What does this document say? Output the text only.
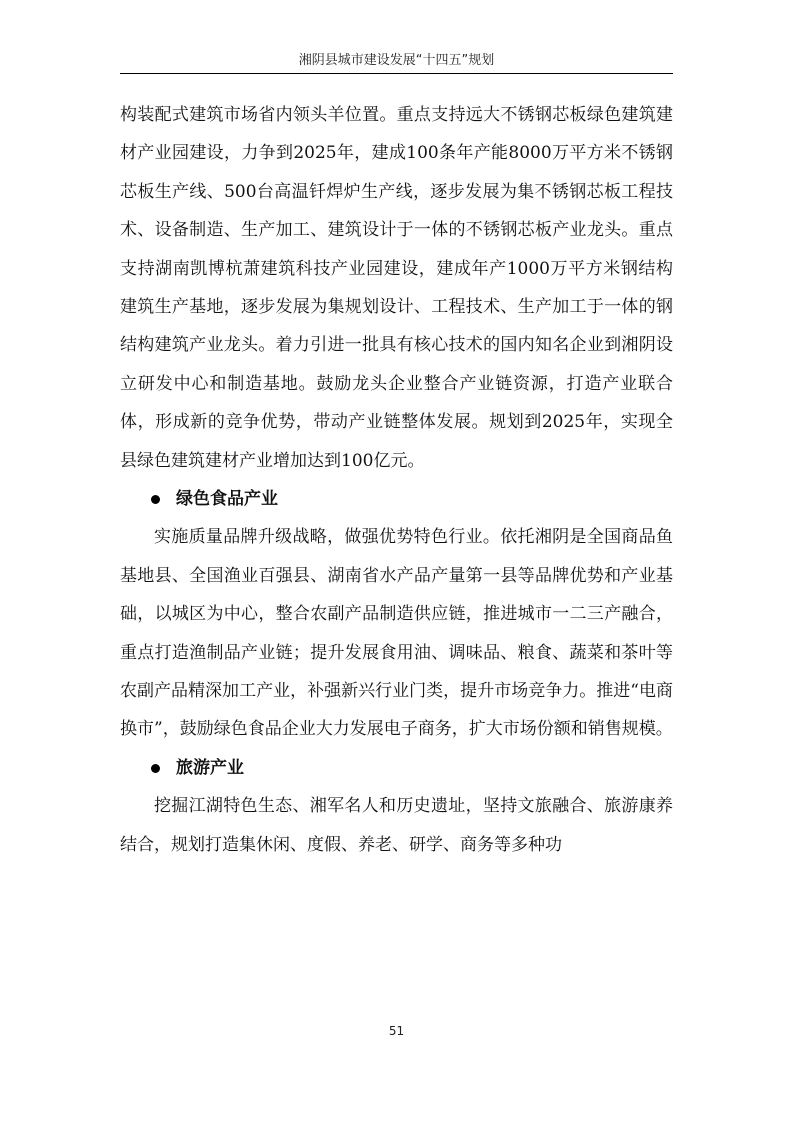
湘阴县城市建设发展“十四五”规划

构装配式建筑市场省内领头羊位置。重点支持远大不锈钢芯板绿色建筑建材产业园建设，力争到2025年，建成100条年产能8000万平方米不锈钢芯板生产线、500台高温钎焊炉生产线，逐步发展为集不锈钢芯板工程技术、设备制造、生产加工、建筑设计于一体的不锈钢芯板产业龙头。重点支持湖南凯博杭萧建筑科技产业园建设，建成年产1000万平方米钢结构建筑生产基地，逐步发展为集规划设计、工程技术、生产加工于一体的钢结构建筑产业龙头。着力引进一批具有核心技术的国内知名企业到湘阴设立研发中心和制造基地。鼓励龙头企业整合产业链资源，打造产业联合体，形成新的竞争优势，带动产业链整体发展。规划到2025年，实现全县绿色建筑建材产业增加达到100亿元。

绿色食品产业

实施质量品牌升级战略，做强优势特色行业。依托湘阴是全国商品鱼基地县、全国渔业百强县、湖南省水产品产量第一县等品牌优势和产业基础，以城区为中心，整合农副产品制造供应链，推进城市一二三产融合，重点打造渔制品产业链；提升发展食用油、调味品、粮食、蔬菜和茶叶等农副产品精深加工产业，补强新兴行业门类，提升市场竞争力。推进“电商换市”，鼓励绿色食品企业大力发展电子商务，扩大市场份额和销售规模。

旅游产业

挖掘江湖特色生态、湘军名人和历史遗址，坚持文旅融合、旅游康养结合，规划打造集休闲、度假、养老、研学、商务等多种功

51
